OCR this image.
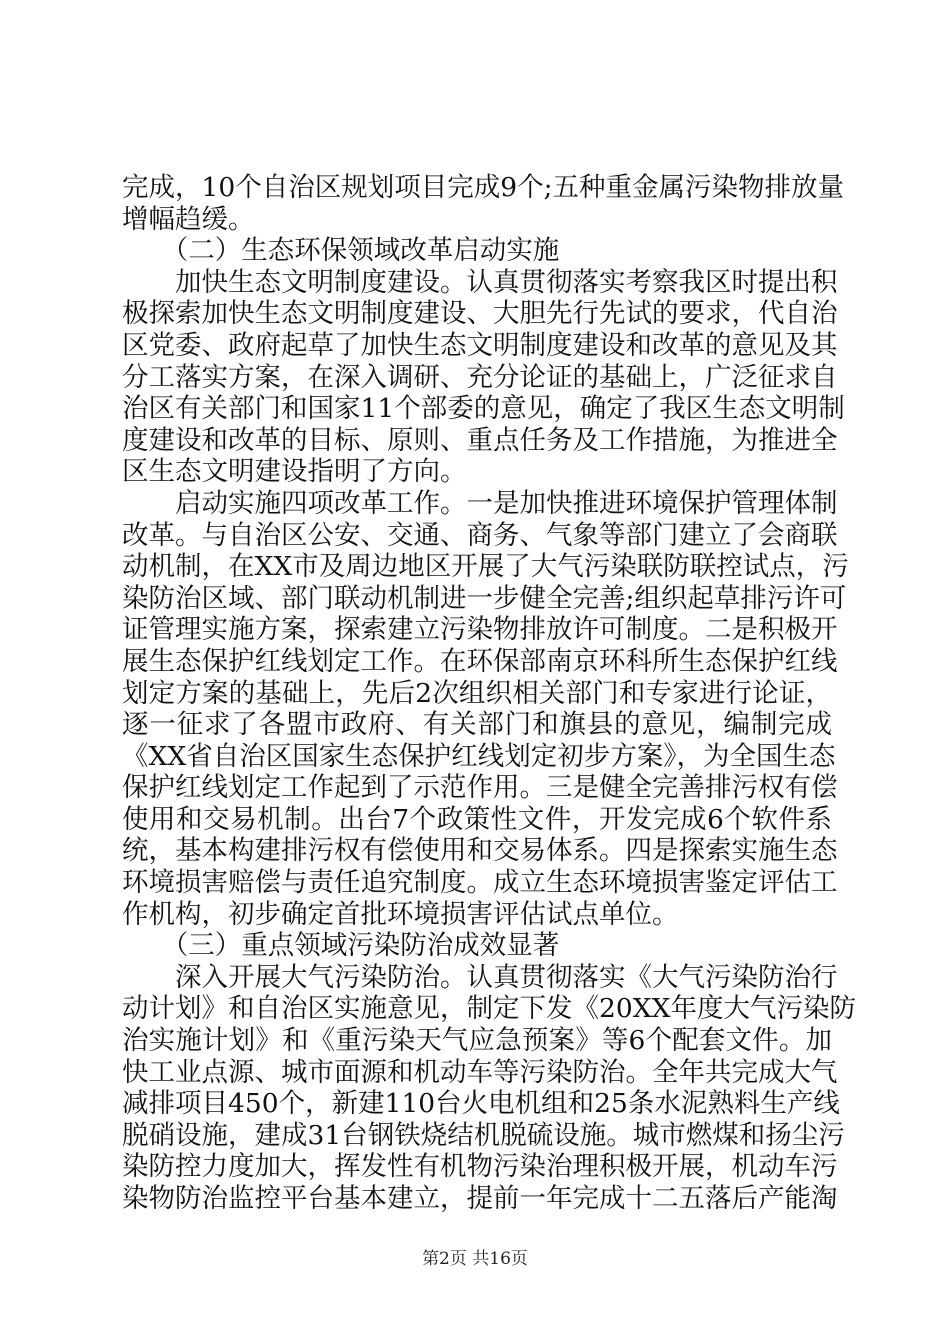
完成，10个自治区规划项目完成9个;五种重金属污染物排放量
增幅趋缓。
　　（二）生态环保领域改革启动实施
　　加快生态文明制度建设。认真贯彻落实考察我区时提出积
极探索加快生态文明制度建设、大胆先行先试的要求，代自治
区党委、政府起草了加快生态文明制度建设和改革的意见及其
分工落实方案，在深入调研、充分论证的基础上，广泛征求自
治区有关部门和国家11个部委的意见，确定了我区生态文明制
度建设和改革的目标、原则、重点任务及工作措施，为推进全
区生态文明建设指明了方向。
　　启动实施四项改革工作。一是加快推进环境保护管理体制
改革。与自治区公安、交通、商务、气象等部门建立了会商联
动机制，在XX市及周边地区开展了大气污染联防联控试点，污
染防治区域、部门联动机制进一步健全完善;组织起草排污许可
证管理实施方案，探索建立污染物排放许可制度。二是积极开
展生态保护红线划定工作。在环保部南京环科所生态保护红线
划定方案的基础上，先后2次组织相关部门和专家进行论证，
逐一征求了各盟市政府、有关部门和旗县的意见，编制完成
《XX省自治区国家生态保护红线划定初步方案》，为全国生态
保护红线划定工作起到了示范作用。三是健全完善排污权有偿
使用和交易机制。出台7个政策性文件，开发完成6个软件系
统，基本构建排污权有偿使用和交易体系。四是探索实施生态
环境损害赔偿与责任追究制度。成立生态环境损害鉴定评估工
作机构，初步确定首批环境损害评估试点单位。
　　（三）重点领域污染防治成效显著
　　深入开展大气污染防治。认真贯彻落实《大气污染防治行
动计划》和自治区实施意见，制定下发《20XX年度大气污染防
治实施计划》和《重污染天气应急预案》等6个配套文件。加
快工业点源、城市面源和机动车等污染防治。全年共完成大气
减排项目450个，新建110台火电机组和25条水泥熟料生产线
脱硝设施，建成31台钢铁烧结机脱硫设施。城市燃煤和扬尘污
染防控力度加大，挥发性有机物污染治理积极开展，机动车污
染物防治监控平台基本建立，提前一年完成十二五落后产能淘
第2页 共16页
